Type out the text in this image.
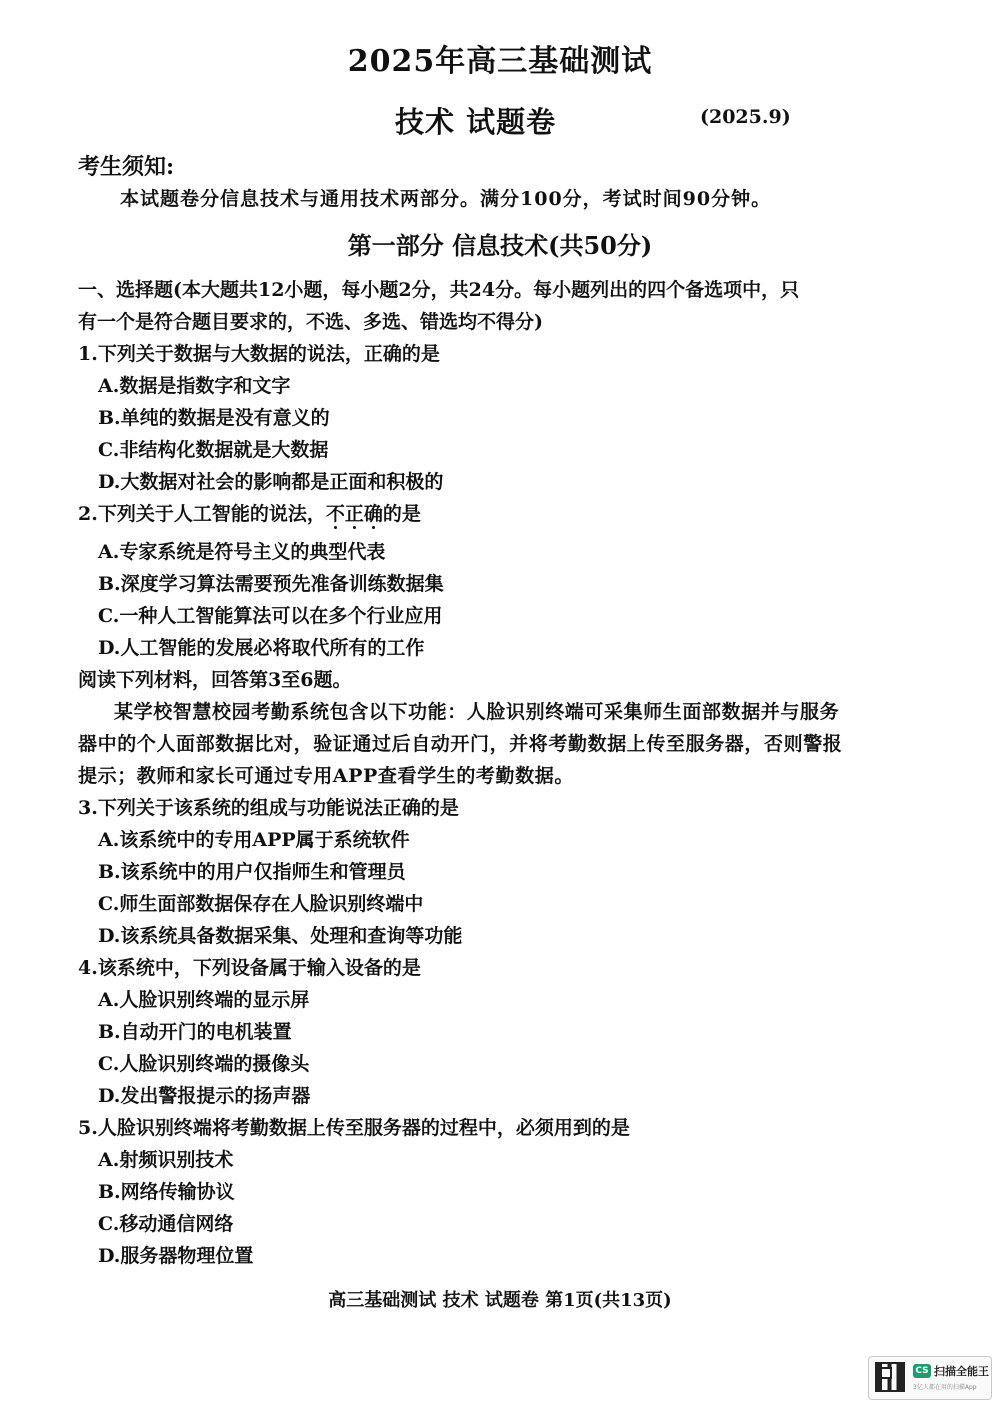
2025年高三基础测试
技术 试题卷	(2025.9)
考生须知:
本试题卷分信息技术与通用技术两部分。满分100分，考试时间90分钟。
第一部分 信息技术(共50分)
一、选择题(本大题共12小题，每小题2分，共24分。每小题列出的四个备选项中，只
有一个是符合题目要求的，不选、多选、错选均不得分)
1.下列关于数据与大数据的说法，正确的是
A.数据是指数字和文字
B.单纯的数据是没有意义的
C.非结构化数据就是大数据
D.大数据对社会的影响都是正面和积极的
2.下列关于人工智能的说法，不正确的是
A.专家系统是符号主义的典型代表
B.深度学习算法需要预先准备训练数据集
C.一种人工智能算法可以在多个行业应用
D.人工智能的发展必将取代所有的工作
阅读下列材料，回答第3至6题。
某学校智慧校园考勤系统包含以下功能：人脸识别终端可采集师生面部数据并与服务
器中的个人面部数据比对，验证通过后自动开门，并将考勤数据上传至服务器，否则警报
提示；教师和家长可通过专用APP查看学生的考勤数据。
3.下列关于该系统的组成与功能说法正确的是
A.该系统中的专用APP属于系统软件
B.该系统中的用户仅指师生和管理员
C.师生面部数据保存在人脸识别终端中
D.该系统具备数据采集、处理和查询等功能
4.该系统中，下列设备属于输入设备的是
A.人脸识别终端的显示屏
B.自动开门的电机装置
C.人脸识别终端的摄像头
D.发出警报提示的扬声器
5.人脸识别终端将考勤数据上传至服务器的过程中，必须用到的是
A.射频识别技术
B.网络传输协议
C.移动通信网络
D.服务器物理位置
高三基础测试 技术 试题卷 第1页(共13页)
CS 扫描全能王
3亿人都在用的扫描App
